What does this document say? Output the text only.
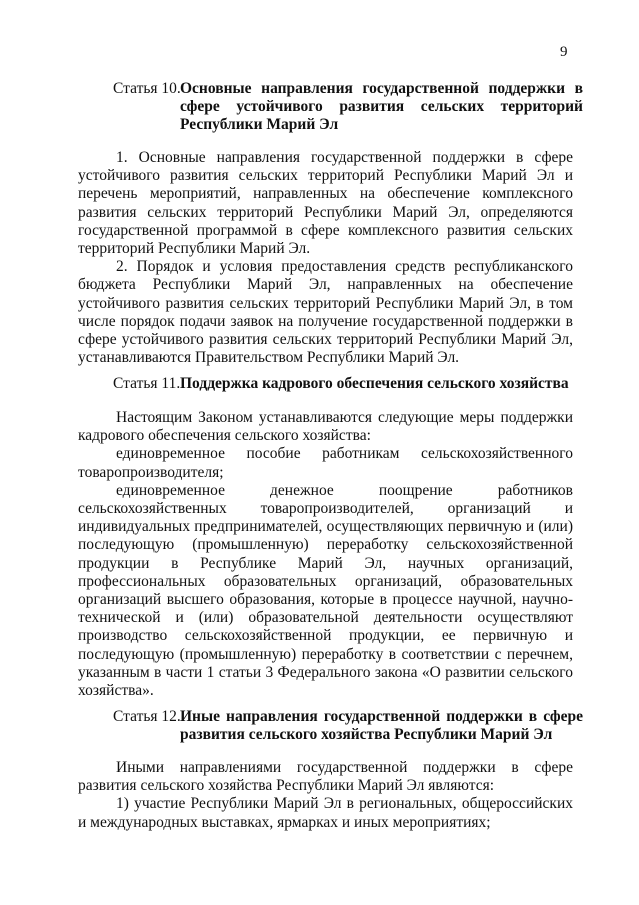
9
Статья 10. Основные направления государственной поддержки в сфере устойчивого развития сельских территорий Республики Марий Эл

1. Основные направления государственной поддержки в сфере устойчивого развития сельских территорий Республики Марий Эл и перечень мероприятий, направленных на обеспечение комплексного развития сельских территорий Республики Марий Эл, определяются государственной программой в сфере комплексного развития сельских территорий Республики Марий Эл.

2. Порядок и условия предоставления средств республиканского бюджета Республики Марий Эл, направленных на обеспечение устойчивого развития сельских территорий Республики Марий Эл, в том числе порядок подачи заявок на получение государственной поддержки в сфере устойчивого развития сельских территорий Республики Марий Эл, устанавливаются Правительством Республики Марий Эл.

Статья 11. Поддержка кадрового обеспечения сельского хозяйства

Настоящим Законом устанавливаются следующие меры поддержки кадрового обеспечения сельского хозяйства:

единовременное пособие работникам сельскохозяйственного товаропроизводителя;

единовременное денежное поощрение работников сельскохозяйственных товаропроизводителей, организаций и индивидуальных предпринимателей, осуществляющих первичную и (или) последующую (промышленную) переработку сельскохозяйственной продукции в Республике Марий Эл, научных организаций, профессиональных образовательных организаций, образовательных организаций высшего образования, которые в процессе научной, научно-технической и (или) образовательной деятельности осуществляют производство сельскохозяйственной продукции, ее первичную и последующую (промышленную) переработку в соответствии с перечнем, указанным в части 1 статьи 3 Федерального закона «О развитии сельского хозяйства».

Статья 12. Иные направления государственной поддержки в сфере развития сельского хозяйства Республики Марий Эл

Иными направлениями государственной поддержки в сфере развития сельского хозяйства Республики Марий Эл являются:

1) участие Республики Марий Эл в региональных, общероссийских и международных выставках, ярмарках и иных мероприятиях;
